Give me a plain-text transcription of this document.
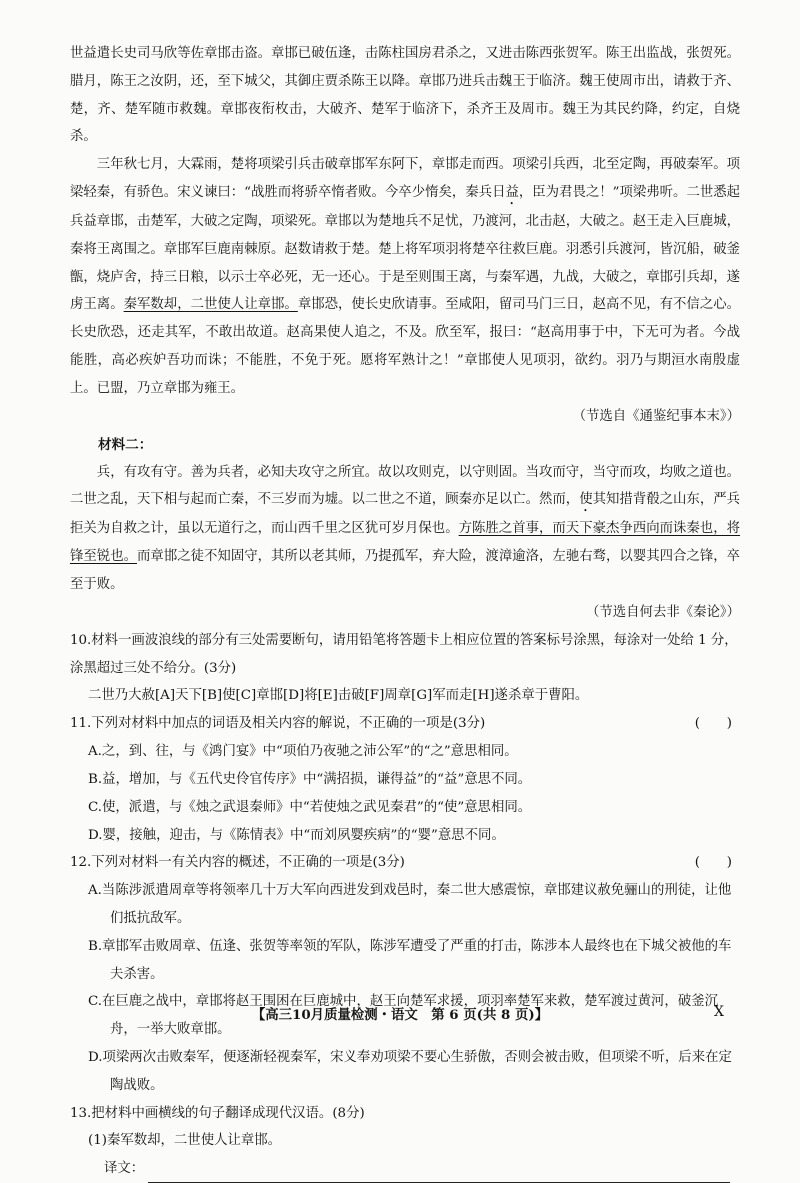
世益遣长史司马欣等佐章邯击盗。章邯已破伍逢，击陈柱国房君杀之，又进击陈西张贺军。陈王出监战，张贺死。腊月，陈王之汝阴，还，至下城父，其御庄贾杀陈王以降。章邯乃进兵击魏王于临济。魏王使周市出，请救于齐、楚，齐、楚军随市救魏。章邯夜衔枚击，大破齐、楚军于临济下，杀齐王及周市。魏王为其民约降，约定，自烧杀。

三年秋七月，大霖雨，楚将项梁引兵击破章邯军东阿下，章邯走而西。项梁引兵西，北至定陶，再破秦军。项梁轻秦，有骄色。宋义谏曰：“战胜而将骄卒惰者败。今卒少惰矣，秦兵日益，臣为君畏之！”项梁弗听。二世悉起兵益章邯，击楚军，大破之定陶，项梁死。章邯以为楚地兵不足忧，乃渡河，北击赵，大破之。赵王走入巨鹿城，秦将王离围之。章邯军巨鹿南棘原。赵数请救于楚。楚上将军项羽将楚卒往救巨鹿。羽悉引兵渡河，皆沉船，破釜甑，烧庐舍，持三日粮，以示士卒必死，无一还心。于是至则围王离，与秦军遇，九战，大破之，章邯引兵却，遂虏王离。秦军数却，二世使人让章邯。章邯恐，使长史欣请事。至咸阳，留司马门三日，赵高不见，有不信之心。长史欣恐，还走其军，不敢出故道。赵高果使人追之，不及。欣至军，报曰：“赵高用事于中，下无可为者。今战能胜，高必疾妒吾功而诛；不能胜，不免于死。愿将军熟计之！”章邯使人见项羽，欲约。羽乃与期洹水南殷虚上。已盟，乃立章邯为雍王。

（节选自《通鉴纪事本末》）

材料二：

兵，有攻有守。善为兵者，必知夫攻守之所宜。故以攻则克，以守则固。当攻而守，当守而攻，均败之道也。二世之乱，天下相与起而亡秦，不三岁而为墟。以二世之不道，顾秦亦足以亡。然而，使其知措背殽之山东，严兵拒关为自救之计，虽以无道行之，而山西千里之区犹可岁月保也。方陈胜之首事，而天下豪杰争西向而诛秦也，将锋至锐也。而章邯之徒不知固守，其所以老其师，乃提孤军，弃大险，渡漳逾洛，左驰右骛，以婴其四合之锋，卒至于败。

（节选自何去非《秦论》）

10.材料一画波浪线的部分有三处需要断句，请用铅笔将答题卡上相应位置的答案标号涂黑，每涂对一处给 1 分，涂黑超过三处不给分。(3分)

二世乃大赦[A]天下[B]使[C]章邯[D]将[E]击破[F]周章[G]军而走[H]遂杀章于曹阳。

11.下列对材料中加点的词语及相关内容的解说，不正确的一项是(3分)	(　　)

A.之，到、往，与《鸿门宴》中“项伯乃夜驰之沛公军”的“之”意思相同。

B.益，增加，与《五代史伶官传序》中“满招损，谦得益”的“益”意思不同。

C.使，派遣，与《烛之武退秦师》中“若使烛之武见秦君”的“使”意思相同。

D.婴，接触，迎击，与《陈情表》中“而刘夙婴疾病”的“婴”意思不同。

12.下列对材料一有关内容的概述，不正确的一项是(3分)	(　　)

A.当陈涉派遣周章等将领率几十万大军向西进发到戏邑时，秦二世大感震惊，章邯建议赦免骊山的刑徒，让他们抵抗敌军。

B.章邯军击败周章、伍逢、张贺等率领的军队，陈涉军遭受了严重的打击，陈涉本人最终也在下城父被他的车夫杀害。

C.在巨鹿之战中，章邯将赵王围困在巨鹿城中，赵王向楚军求援，项羽率楚军来救，楚军渡过黄河，破釜沉舟，一举大败章邯。

D.项梁两次击败秦军，便逐渐轻视秦军，宋义奉劝项梁不要心生骄傲，否则会被击败，但项梁不听，后来在定陶战败。

13.把材料中画横线的句子翻译成现代汉语。(8分)

(1)秦军数却，二世使人让章邯。

译文：
【高三10月质量检测・语文　第 6 页(共 8 页)】	X
